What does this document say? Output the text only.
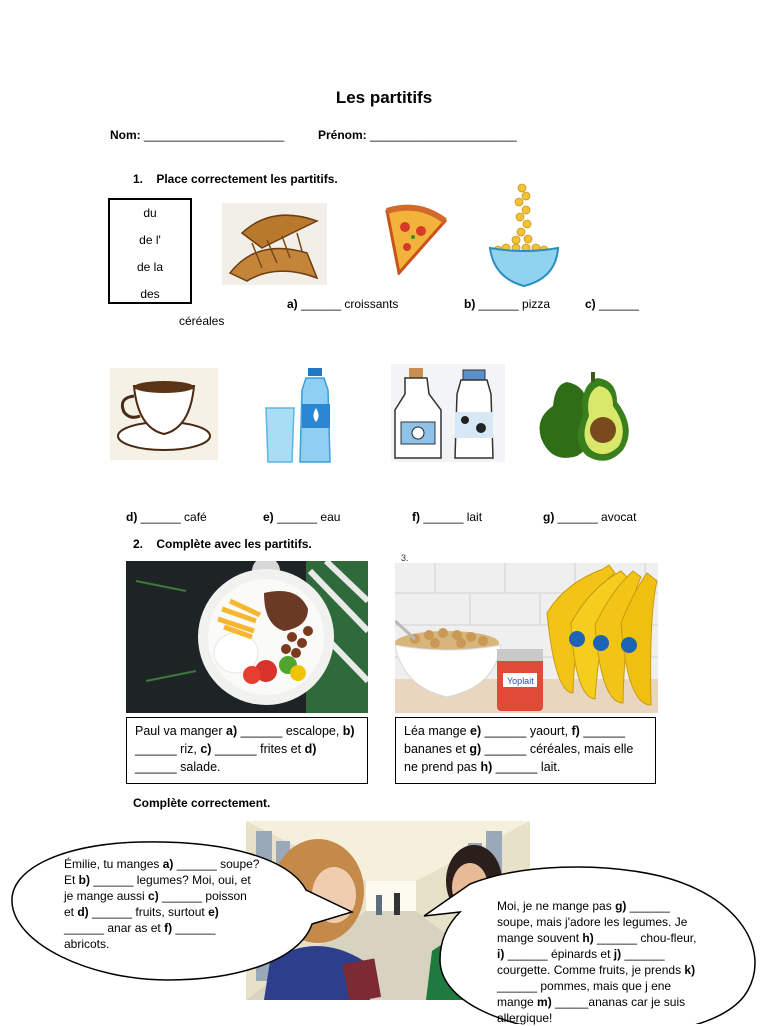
Les partitifs
Nom: _____________________	Prénom: ______________________
1.    Place correctement les partitifs.
du
de l'
de la
des
a) ______ croissants	b) ______ pizza	c) ______
céréales
d) ______ café	e) ______ eau	f) ______ lait	g) ______ avocat
2.    Complète avec les partitifs.
3.
Yoplait
Paul va manger a) ______ escalope, b) ______ riz, c) ______ frites et d) ______ salade.
Léa mange e) ______ yaourt, f) ______ bananes et g) ______ céréales, mais elle ne prend pas h) ______ lait.
Complète correctement.
Émilie, tu manges a) ______ soupe? Et b) ______ legumes? Moi, oui, et je mange aussi c) ______ poisson et d) ______ fruits, surtout e) ______ anar as et f) ______ abricots.
Moi, je ne mange pas g) ______ soupe, mais j'adore les legumes. Je mange souvent h) ______ chou-fleur, i) ______ épinards et j) ______ courgette. Comme fruits, je prends k) ______ pommes, mais que j ene mange m) _____ananas car je suis allergique!
